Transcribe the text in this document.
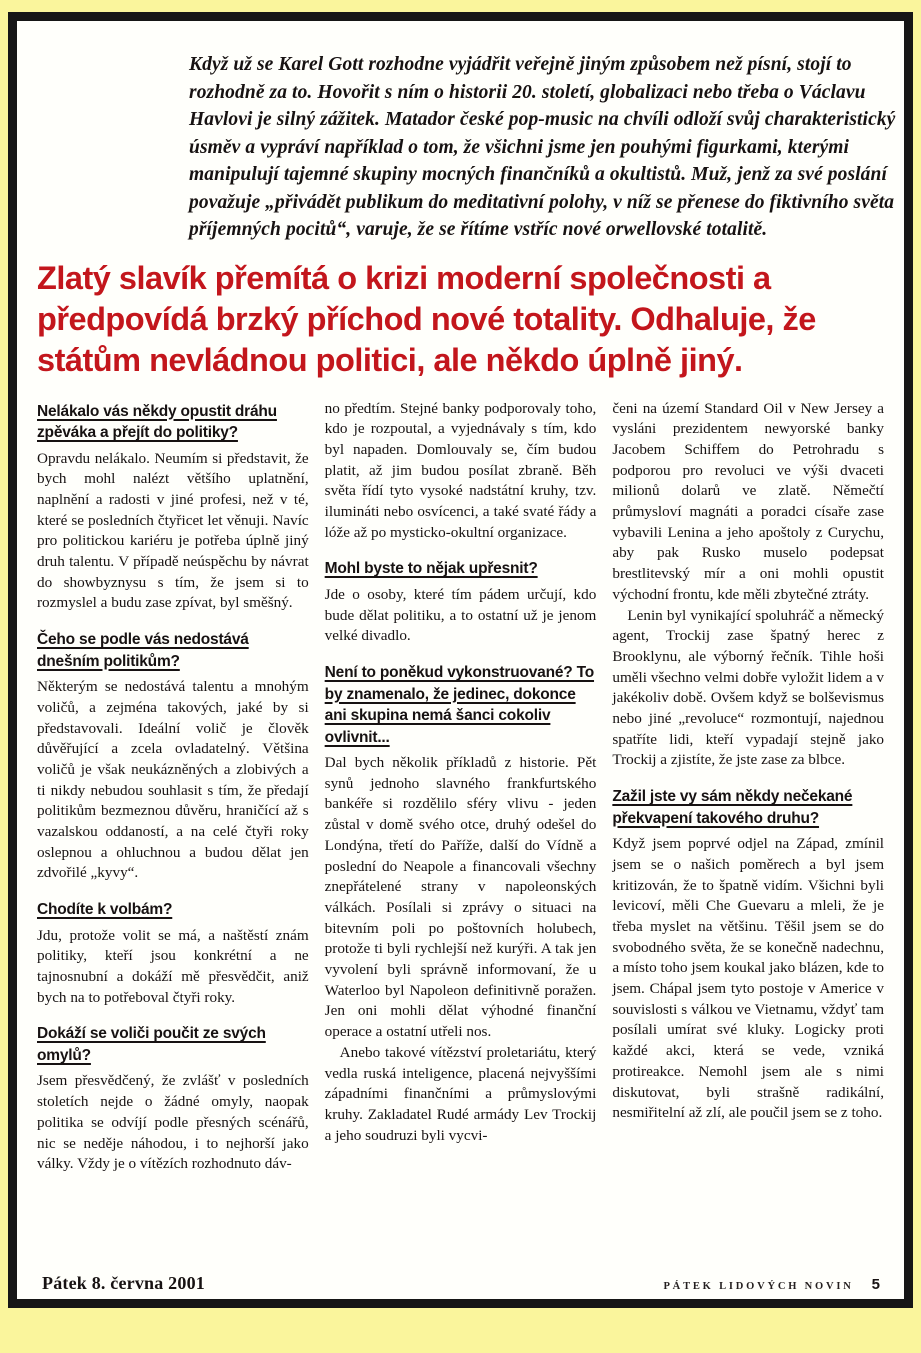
Když už se Karel Gott rozhodne vyjádřit veřejně jiným způsobem než písní, stojí to rozhodně za to. Hovořit s ním o historii 20. století, globalizaci nebo třeba o Václavu Havlovi je silný zážitek. Matador české pop-music na chvíli odloží svůj charakteristický úsměv a vypráví například o tom, že všichni jsme jen pouhými figurkami, kterými manipulují tajemné skupiny mocných finančníků a okultistů. Muž, jenž za své poslání považuje „přivádět publikum do meditativní polohy, v níž se přenese do fiktivního světa příjemných pocitů“, varuje, že se řítíme vstříc nové orwellovské totalitě.

Zlatý slavík přemítá o krizi moderní společnosti a předpovídá brzký příchod nové totality. Odhaluje, že státům nevládnou politici, ale někdo úplně jiný.

Nelákalo vás někdy opustit dráhu zpěváka a přejít do politiky?

Opravdu nelákalo. Neumím si představit, že bych mohl nalézt většího uplatnění, naplnění a radosti v jiné profesi, než v té, které se posledních čtyřicet let věnuji. Navíc pro politickou kariéru je potřeba úplně jiný druh talentu. V případě neúspěchu by návrat do showbyznysu s tím, že jsem si to rozmyslel a budu zase zpívat, byl směšný.

Čeho se podle vás nedostává dnešním politikům?

Některým se nedostává talentu a mnohým voličů, a zejména takových, jaké by si představovali. Ideální volič je člověk důvěřující a zcela ovladatelný. Většina voličů je však neukázněných a zlobivých a ti nikdy nebudou souhlasit s tím, že předají politikům bezmeznou důvěru, hraničící až s vazalskou oddaností, a na celé čtyři roky oslepnou a ohluchnou a budou dělat jen zdvořilé „kyvy“.

Chodíte k volbám?

Jdu, protože volit se má, a naštěstí znám politiky, kteří jsou konkrétní a ne tajnosnubní a dokáží mě přesvědčit, aniž bych na to potřeboval čtyři roky.

Dokáží se voliči poučit ze svých omylů?

Jsem přesvědčený, že zvlášť v posledních stoletích nejde o žádné omyly, naopak politika se odvíjí podle přesných scénářů, nic se neděje náhodou, i to nejhorší jako války. Vždy je o vítězích rozhodnuto dáv-

no předtím. Stejné banky podporovaly toho, kdo je rozpoutal, a vyjednávaly s tím, kdo byl napaden. Domlouvaly se, čím budou platit, až jim budou posílat zbraně. Běh světa řídí tyto vysoké nadstátní kruhy, tzv. ilumináti nebo osvícenci, a také svaté řády a lóže až po mysticko-okultní organizace.

Mohl byste to nějak upřesnit?

Jde o osoby, které tím pádem určují, kdo bude dělat politiku, a to ostatní už je jenom velké divadlo.

Není to poněkud vykonstruované? To by znamenalo, že jedinec, dokonce ani skupina nemá šanci cokoliv ovlivnit...

Dal bych několik příkladů z historie. Pět synů jednoho slavného frankfurtského bankéře si rozdělilo sféry vlivu - jeden zůstal v domě svého otce, druhý odešel do Londýna, třetí do Paříže, další do Vídně a poslední do Neapole a financovali všechny znepřátelené strany v napoleonských válkách. Posílali si zprávy o situaci na bitevním poli po poštovních holubech, protože ti byli rychlejší než kurýři. A tak jen vyvolení byli správně informovaní, že u Waterloo byl Napoleon definitivně poražen. Jen oni mohli dělat výhodné finanční operace a ostatní utřeli nos.

Anebo takové vítězství proletariátu, který vedla ruská inteligence, placená nejvyššími západními finančními a průmyslovými kruhy. Zakladatel Rudé armády Lev Trockij a jeho soudruzi byli vycvi-

čeni na území Standard Oil v New Jersey a vysláni prezidentem newyorské banky Jacobem Schiffem do Petrohradu s podporou pro revoluci ve výši dvaceti milionů dolarů ve zlatě. Němečtí průmysloví magnáti a poradci císaře zase vybavili Lenina a jeho apoštoly z Curychu, aby pak Rusko muselo podepsat brestlitevský mír a oni mohli opustit východní frontu, kde měli zbytečné ztráty.

Lenin byl vynikající spoluhráč a německý agent, Trockij zase špatný herec z Brooklynu, ale výborný řečník. Tihle hoši uměli všechno velmi dobře vyložit lidem a v jakékoliv době. Ovšem když se bolševismus nebo jiné „revoluce“ rozmontují, najednou spatříte lidi, kteří vypadají stejně jako Trockij a zjistíte, že jste zase za blbce.

Zažil jste vy sám někdy nečekané překvapení takového druhu?

Když jsem poprvé odjel na Západ, zmínil jsem se o našich poměrech a byl jsem kritizován, že to špatně vidím. Všichni byli levicoví, měli Che Guevaru a mleli, že je třeba myslet na většinu. Těšil jsem se do svobodného světa, že se konečně nadechnu, a místo toho jsem koukal jako blázen, kde to jsem. Chápal jsem tyto postoje v Americe v souvislosti s válkou ve Vietnamu, vždyť tam posílali umírat své kluky. Logicky proti každé akci, která se vede, vzniká protireakce. Nemohl jsem ale s nimi diskutovat, byli strašně radikální, nesmiřitelní až zlí, ale poučil jsem se z toho.

Pátek 8. června 2001	PÁTEK LIDOVÝCH NOVIN 5
